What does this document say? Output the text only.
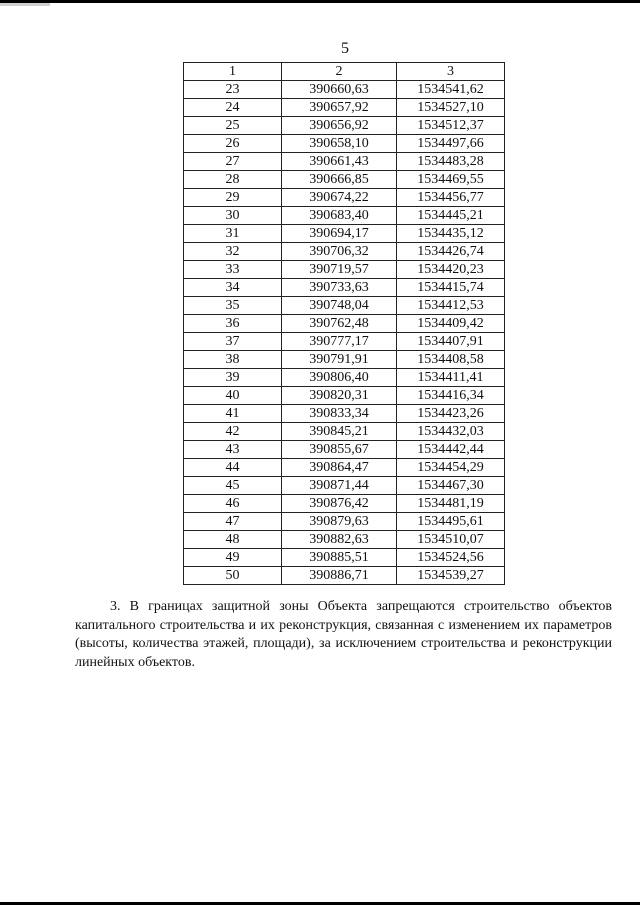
5
1	2	3
23	390660,63	1534541,62
24	390657,92	1534527,10
25	390656,92	1534512,37
26	390658,10	1534497,66
27	390661,43	1534483,28
28	390666,85	1534469,55
29	390674,22	1534456,77
30	390683,40	1534445,21
31	390694,17	1534435,12
32	390706,32	1534426,74
33	390719,57	1534420,23
34	390733,63	1534415,74
35	390748,04	1534412,53
36	390762,48	1534409,42
37	390777,17	1534407,91
38	390791,91	1534408,58
39	390806,40	1534411,41
40	390820,31	1534416,34
41	390833,34	1534423,26
42	390845,21	1534432,03
43	390855,67	1534442,44
44	390864,47	1534454,29
45	390871,44	1534467,30
46	390876,42	1534481,19
47	390879,63	1534495,61
48	390882,63	1534510,07
49	390885,51	1534524,56
50	390886,71	1534539,27
3. В границах защитной зоны Объекта запрещаются строительство объектов капитального строительства и их реконструкция, связанная с изменением их параметров (высоты, количества этажей, площади), за исключением строительства и реконструкции линейных объектов.
